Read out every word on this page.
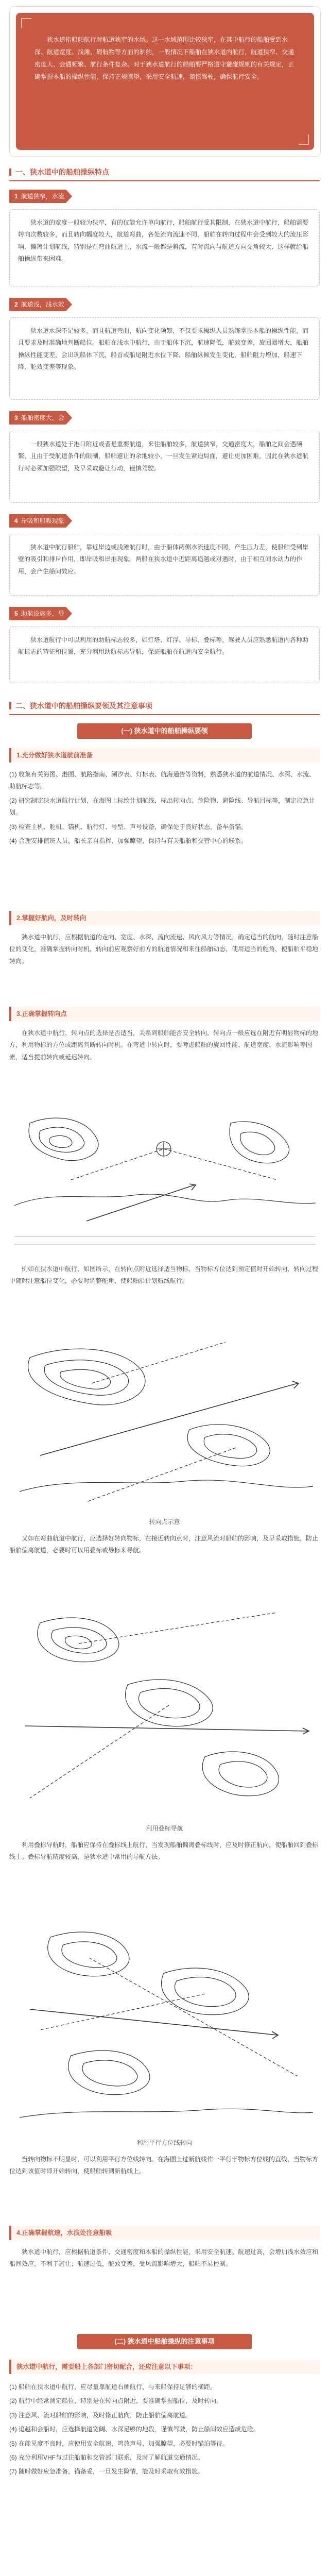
狭水道指船舶航行时航道狭窄的水域。这一水域范围比较狭窄，在其中航行的船舶受到水深、航道宽度、浅滩、碍航物等方面的制约，一般情况下船舶在狭水道内航行，航道狭窄、交通密度大、会遇频繁、航行条件复杂。对于狭水道航行的船舶要严格遵守避碰规则的有关规定，正确掌握本船的操纵性能，保持正规瞭望，采用安全航速，谨慎驾驶，确保航行安全。
一、狭水道中的船舶操纵特点
1 航道狭窄，水流
狭水道的宽度一般较为狭窄，有的仅能允许单向航行，船舶航行受其限制，在狭水道中航行，船舶需要转向次数较多，而且转向幅度较大，航道弯曲，各处流向流速不同，船舶在转向过程中会受到较大的流压影响，偏离计划航线，特别是在弯曲航道上，水流一般都是斜流，有时流向与航道方向交角较大，这样就给船舶操纵带来困难。
2 航道浅，浅水效
狭水道水深不足较多，而且航道弯曲，航向变化频繁，不仅要求操纵人员熟练掌握本船的操纵性能，而且要求及时准确地判断船位。船舶在浅水中航行，由于船体下沉，航速降低，舵效变差，旋回圈增大，船舶操纵性能变差，会出现船体下沉，船首或船尾附近水位下降，船舶纵倾发生变化，船舶阻力增加，船速下降，舵效变差等现象。
3 船舶密度大，会
一般狭水道处于港口附近或者是重要航道，来往船舶较多，航道狭窄，交通密度大，船舶之间会遇频繁，且由于受航道条件的限制，船舶避让的余地较小，一旦发生紧迫局面，避让更加困难，因此在狭水道航行时必须加强瞭望，及早采取避让行动，谨慎驾驶。
4 岸吸和船吸现象
狭水道中航行船舶，靠近岸边或浅滩航行时，由于船体两侧水流速度不同，产生压力差，使船舶受到岸壁的吸引和排斥作用，即岸吸和岸推现象。两船在狭水道中近距离追越或对遇时，由于相互间水动力的作用，会产生船间效应。
5 助航设施多，导
狭水道航行中可以利用的助航标志较多，如灯塔、灯浮、导标、叠标等，驾驶人员应熟悉航道内各种助航标志的特征和位置，充分利用助航标志导航，保证船舶在航道内安全航行。
二、狭水道中的船舶操纵要领及其注意事项
(一) 狭水道中的船舶操纵要领
1.充分做好狭水道航前准备

(1) 收集有关海图、港图、航路指南、潮汐表、灯标表、航海通告等资料，熟悉狭水道的航道情况、水深、水流、助航标志等。

(2) 研究制定狭水道航行计划，在海图上标绘计划航线，标出转向点、危险物、避险线、导航目标等，制定应急计划。

(3) 检查主机、舵机、锚机、航行灯、号型、声号设备，确保处于良好状态，备车备锚。

(4) 合理安排值班人员，船长亲自指挥，加强瞭望，保持与有关船舶和交管中心的联系。

2.掌握好航向，及时转向
狭水道中航行，应根据航道的走向、宽度、水深、流向流速、风向风力等情况，确定适当的航向，随时注意船位的变化，准确掌握转向时机，转向前应观察好前方的航道情况和来往船舶动态，使用适当的舵角，使船舶平稳地转向。
3.正确掌握转向点
在狭水道中航行，转向点的选择是否适当，关系到船舶能否安全转向。转向点一般应选在附近有明显物标的地方，利用物标的方位或距离判断转向时机。在弯道中转向时，要考虑船舶的旋回性能、航道宽度、水流影响等因素，适当提前转向或延迟转向。
例如在狭水道中航行，如图所示，在转向点附近选择适当物标，当物标方位达到预定值时开始转向，转向过程中随时注意船位变化，必要时调整舵角，使船舶沿计划航线航行。
转向点示意
又如在弯曲航道中航行，应选择好转向物标，在接近转向点时，注意风流对船舶的影响，及早采取措施，防止船舶偏离航道，必要时可以用叠标或导标来导航。
利用叠标导航
利用叠标导航时，船舶应保持在叠标线上航行，当发现船舶偏离叠标线时，应及时修正航向，使船舶回到叠标线上。叠标导航精度较高，是狭水道中常用的导航方法。
利用平行方位线转向
当转向物标不明显时，可以利用平行方位线转向。在海图上过新航线作一平行于物标方位线的直线，当物标方位达到该值时即开始转向，使船舶转到新航线上。
4.正确掌握航速，水浅处注意船吸
狭水道中航行，应根据航道条件、交通密度和本船的操纵性能，采用安全航速。航速过高，会增加浅水效应和船间效应，不利于避让；航速过低，舵效变差，受风流影响增大，船舶不易控制。
(二) 狭水道中船舶操纵的注意事项
狭水道中航行，需要船上各部门密切配合，还应注意以下事项：

(1) 船舶在狭水道中航行，应尽量靠航道右侧航行，与来船保持足够的横距。

(2) 航行中经常测定船位，特别是在转向点附近，要准确掌握船位，及时转向。

(3) 注意风、流对船舶的影响，及时修正航向，防止船舶偏离航道。

(4) 追越和会船时，应选择航道宽阔、水深足够的地段，谨慎驾驶，防止船间效应造成危险。

(5) 在能见度不良时，应使用安全航速，鸣放声号，加强瞭望，必要时锚泊等待。

(6) 充分利用VHF与过往船舶和交管部门联系，及时了解航道交通情况。

(7) 随时做好应急准备，锚备妥，一旦发生险情，能及时采取有效措施。
